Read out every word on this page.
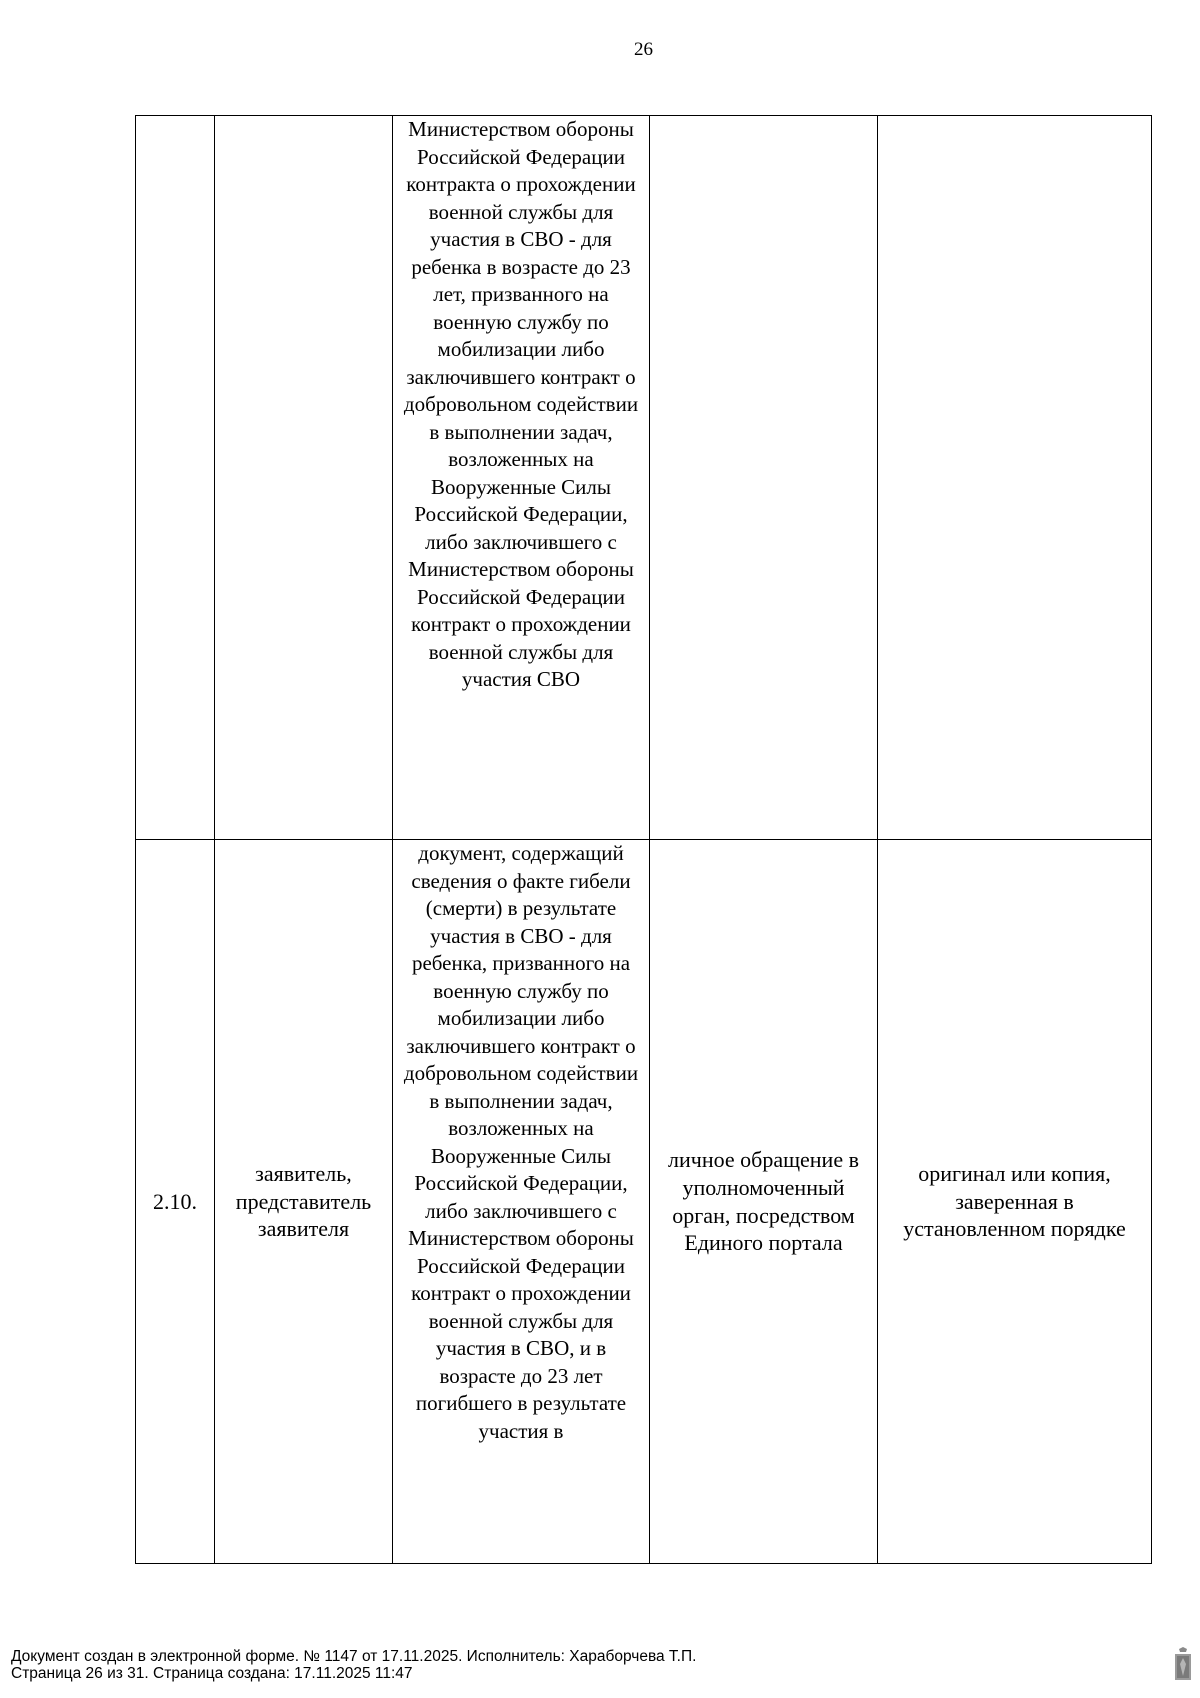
26

		Министерством обороны Российской Федерации контракта о прохождении военной службы для участия в СВО - для ребенка в возрасте до 23 лет, призванного на военную службу по мобилизации либо заключившего контракт о добровольном содействии в выполнении задач, возложенных на Вооруженные Силы Российской Федерации, либо заключившего с Министерством обороны Российской Федерации контракт о прохождении военной службы для участия СВО		

2.10.	заявитель, представитель заявителя	документ, содержащий сведения о факте гибели (смерти) в результате участия в СВО - для ребенка, призванного на военную службу по мобилизации либо заключившего контракт о добровольном содействии в выполнении задач, возложенных на Вооруженные Силы Российской Федерации, либо заключившего с Министерством обороны Российской Федерации контракт о прохождении военной службы для участия в СВО, и в возрасте до 23 лет погибшего в результате участия в	личное обращение в уполномоченный орган, посредством Единого портала	оригинал или копия, заверенная в установленном порядке
Документ создан в электронной форме. № 1147 от 17.11.2025. Исполнитель: Хараборчева Т.П.
Страница 26 из 31. Страница создана: 17.11.2025 11:47
